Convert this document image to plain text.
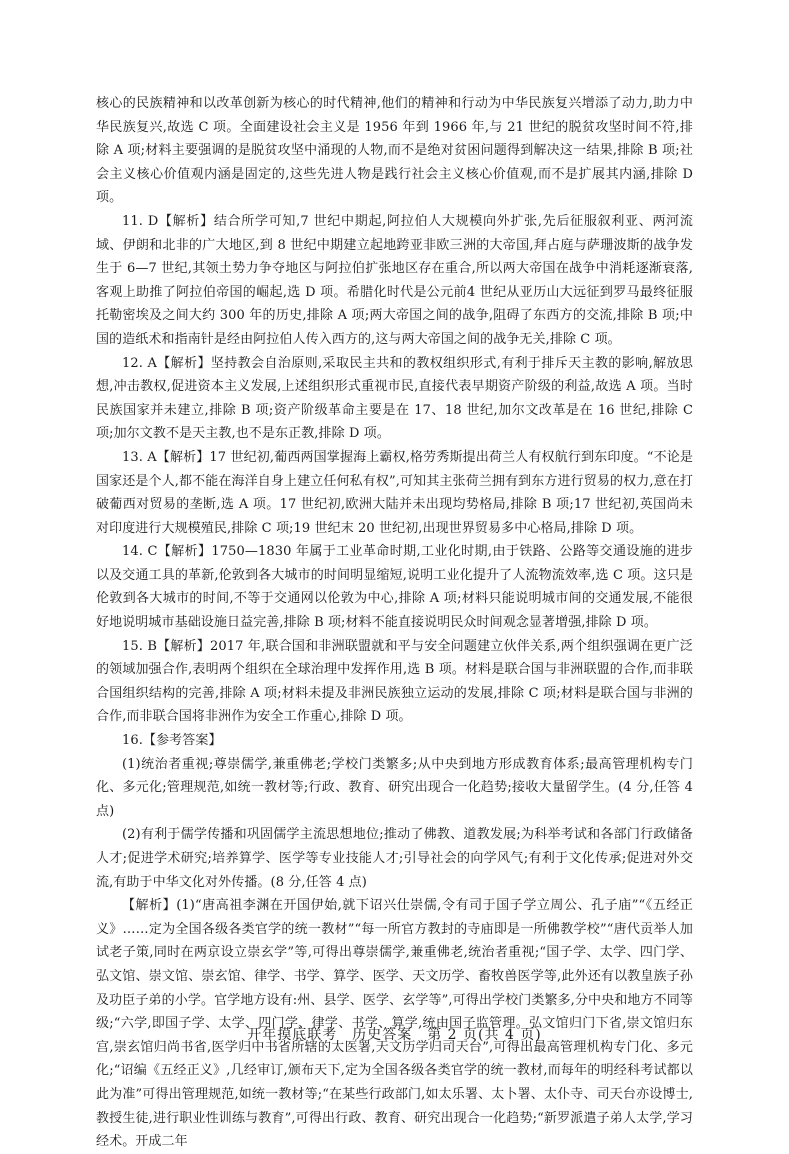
核心的民族精神和以改革创新为核心的时代精神,他们的精神和行动为中华民族复兴增添了动力,助力中华民族复兴,故选 C 项。全面建设社会主义是 1956 年到 1966 年,与 21 世纪的脱贫攻坚时间不符,排除 A 项;材料主要强调的是脱贫攻坚中涌现的人物,而不是绝对贫困问题得到解决这一结果,排除 B 项;社会主义核心价值观内涵是固定的,这些先进人物是践行社会主义核心价值观,而不是扩展其内涵,排除 D 项。

11. D【解析】结合所学可知,7 世纪中期起,阿拉伯人大规模向外扩张,先后征服叙利亚、两河流域、伊朗和北非的广大地区,到 8 世纪中期建立起地跨亚非欧三洲的大帝国,拜占庭与萨珊波斯的战争发生于 6—7 世纪,其领土势力争夺地区与阿拉伯扩张地区存在重合,所以两大帝国在战争中消耗逐渐衰落,客观上助推了阿拉伯帝国的崛起,选 D 项。希腊化时代是公元前4 世纪从亚历山大远征到罗马最终征服托勒密埃及之间大约 300 年的历史,排除 A 项;两大帝国之间的战争,阻碍了东西方的交流,排除 B 项;中国的造纸术和指南针是经由阿拉伯人传入西方的,这与两大帝国之间的战争无关,排除 C 项。

12. A【解析】坚持教会自治原则,采取民主共和的教权组织形式,有利于排斥天主教的影响,解放思想,冲击教权,促进资本主义发展,上述组织形式重视市民,直接代表早期资产阶级的利益,故选 A 项。当时民族国家并未建立,排除 B 项;资产阶级革命主要是在 17、18 世纪,加尔文改革是在 16 世纪,排除 C 项;加尔文教不是天主教,也不是东正教,排除 D 项。

13. A【解析】17 世纪初,葡西两国掌握海上霸权,格劳秀斯提出荷兰人有权航行到东印度。“不论是国家还是个人,都不能在海洋自身上建立任何私有权”,可知其主张荷兰拥有到东方进行贸易的权力,意在打破葡西对贸易的垄断,选 A 项。17 世纪初,欧洲大陆并未出现均势格局,排除 B 项;17 世纪初,英国尚未对印度进行大规模殖民,排除 C 项;19 世纪末 20 世纪初,出现世界贸易多中心格局,排除 D 项。

14. C【解析】1750—1830 年属于工业革命时期,工业化时期,由于铁路、公路等交通设施的进步以及交通工具的革新,伦敦到各大城市的时间明显缩短,说明工业化提升了人流物流效率,选 C 项。这只是伦敦到各大城市的时间,不等于交通网以伦敦为中心,排除 A 项;材料只能说明城市间的交通发展,不能很好地说明城市基础设施日益完善,排除 B 项;材料不能直接说明民众时间观念显著增强,排除 D 项。

15. B【解析】2017 年,联合国和非洲联盟就和平与安全问题建立伙伴关系,两个组织强调在更广泛的领域加强合作,表明两个组织在全球治理中发挥作用,选 B 项。材料是联合国与非洲联盟的合作,而非联合国组织结构的完善,排除 A 项;材料未提及非洲民族独立运动的发展,排除 C 项;材料是联合国与非洲的合作,而非联合国将非洲作为安全工作重心,排除 D 项。

16.【参考答案】

(1)统治者重视;尊崇儒学,兼重佛老;学校门类繁多;从中央到地方形成教育体系;最高管理机构专门化、多元化;管理规范,如统一教材等;行政、教育、研究出现合一化趋势;接收大量留学生。(4 分,任答 4 点)

(2)有利于儒学传播和巩固儒学主流思想地位;推动了佛教、道教发展;为科举考试和各部门行政储备人才;促进学术研究;培养算学、医学等专业技能人才;引导社会的向学风气;有利于文化传承;促进对外交流,有助于中华文化对外传播。(8 分,任答 4 点)

【解析】(1)“唐高祖李渊在开国伊始,就下诏兴仕崇儒,令有司于国子学立周公、孔子庙”“《五经正义》……定为全国各级各类官学的统一教材”“每一所官方教封的寺庙即是一所佛教学校”“唐代贡举人加试老子策,同时在两京设立崇玄学”等,可得出尊崇儒学,兼重佛老,统治者重视;“国子学、太学、四门学、弘文馆、崇文馆、崇玄馆、律学、书学、算学、医学、天文历学、畜牧兽医学等,此外还有以教皇族子孙及功臣子弟的小学。官学地方设有:州、县学、医学、玄学等”,可得出学校门类繁多,分中央和地方不同等级;“六学,即国子学、太学、四门学、律学、书学、算学,统由国子监管理。弘文馆归门下省,崇文馆归东宫,崇玄馆归尚书省,医学归中书省所辖的太医署,天文历学归司天台”,可得出最高管理机构专门化、多元化;“诏编《五经正义》,几经审订,颁布天下,定为全国各级各类官学的统一教材,而每年的明经科考试都以此为准”可得出管理规范,如统一教材等;“在某些行政部门,如太乐署、太卜署、太仆寺、司天台亦设博士,教授生徒,进行职业性训练与教育”,可得出行政、教育、研究出现合一化趋势;“新罗派遣子弟人太学,学习经术。开成二年

开年摸底联考　历史答案　第 2 页(共 4 页)
